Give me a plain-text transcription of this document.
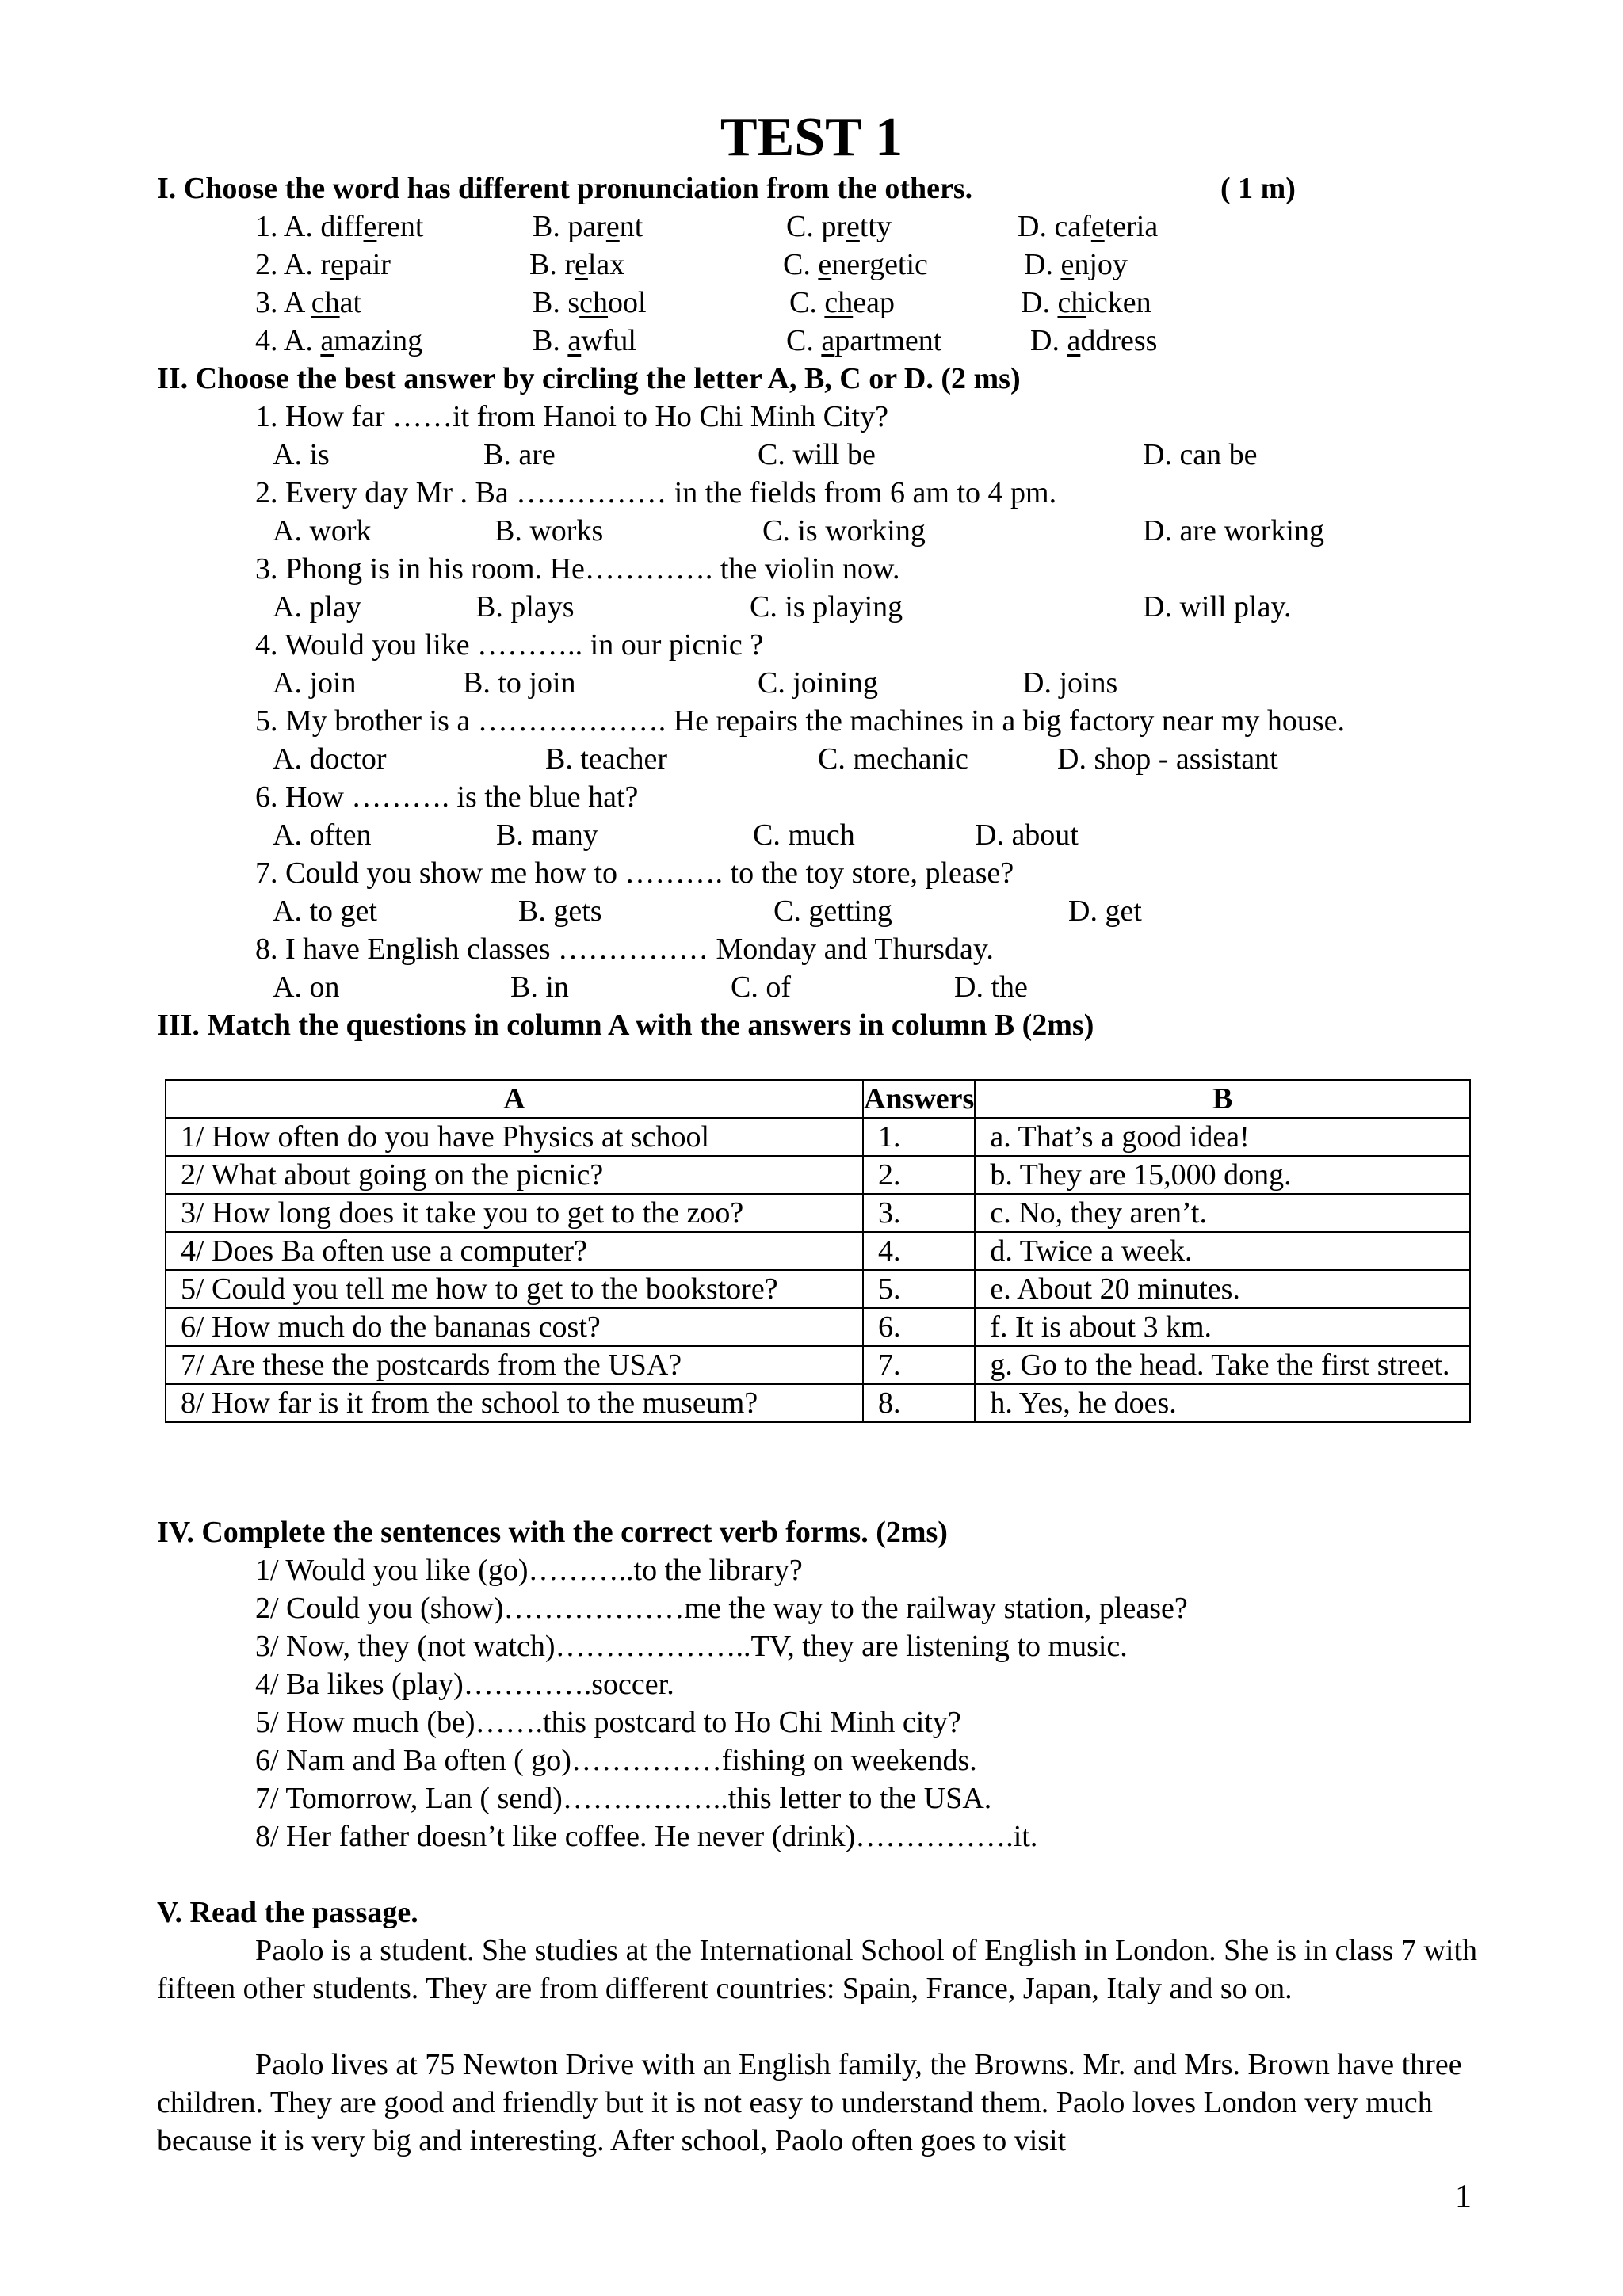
TEST 1
I. Choose the word has different pronunciation from the others.	( 1 m)
1. A. different	B. parent	C. pretty	D. cafeteria
2. A. repair	B. relax	C. energetic	D. enjoy
3. A chat	B. school	C. cheap	D. chicken
4. A. amazing	B. awful	C. apartment	D. address
II. Choose the best answer by circling the letter A, B, C or D. (2 ms)
1. How far ……it from Hanoi to Ho Chi Minh City?
A. is	B. are	C. will be	D. can be
2. Every day Mr . Ba …………… in the fields from 6 am to 4 pm.
A. work	B. works	C. is working	D. are working
3. Phong is in his room. He…………. the violin now.
A. play	B. plays	C. is playing	D. will play.
4. Would you like ……….. in our picnic ?
A. join	B. to join	C. joining	D. joins
5. My brother is a ………………. He repairs the machines in a big factory near my house.
A. doctor	B. teacher	C. mechanic	D. shop - assistant
6. How ………. is the blue hat?
A. often	B. many	C. much	D. about
7. Could you show me how to ………. to the toy store, please?
A. to get	B. gets	C. getting	D. get
8. I have English classes …………… Monday and Thursday.
A. on	B. in	C. of	D. the
III. Match the questions in column A with the answers in column B (2ms)
A	Answers	B
1/ How often do you have Physics at school	1.	a. That’s a good idea!
2/ What about going on the picnic?	2.	b. They are 15,000 dong.
3/ How long does it take you to get to the zoo?	3.	c. No, they aren’t.
4/ Does Ba often use a computer?	4.	d. Twice a week.
5/ Could you tell me how to get to the bookstore?	5.	e. About 20 minutes.
6/ How much do the bananas cost?	6.	f. It is about 3 km.
7/ Are these the postcards from the USA?	7.	g. Go to the head. Take the first street.
8/ How far is it from the school to the museum?	8.	h. Yes, he does.
IV. Complete the sentences with the correct verb forms. (2ms)
1/ Would you like (go)………..to the library?
2/ Could you (show)………………me the way to the railway station, please?
3/ Now, they (not watch)………………..TV, they are listening to music.
4/ Ba likes (play)………….soccer.
5/ How much (be)…….this postcard to Ho Chi Minh city?
6/ Nam and Ba often ( go)……………fishing on weekends.
7/ Tomorrow, Lan ( send)……………..this letter to the USA.
8/ Her father doesn’t like coffee. He never (drink)…………….it.
V. Read the passage.
Paolo is a student. She studies at the International School of English in London. She is in class 7 with fifteen other students. They are from different countries: Spain, France, Japan, Italy and so on.
Paolo lives at 75 Newton Drive with an English family, the Browns. Mr. and Mrs. Brown have three children. They are good and friendly but it is not easy to understand them. Paolo loves London very much because it is very big and interesting. After school, Paolo often goes to visit
1
